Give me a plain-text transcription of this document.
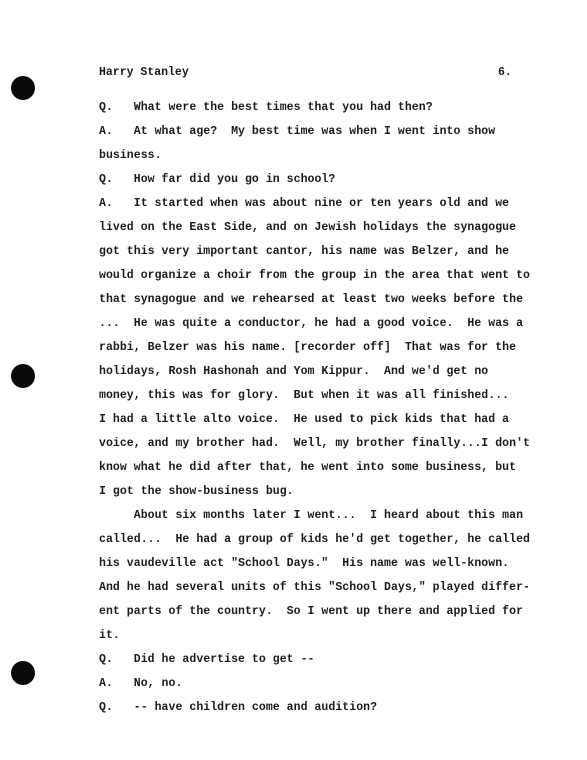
Harry Stanley	6.
Q.   What were the best times that you had then?
A.   At what age?  My best time was when I went into show
business.
Q.   How far did you go in school?
A.   It started when was about nine or ten years old and we
lived on the East Side, and on Jewish holidays the synagogue
got this very important cantor, his name was Belzer, and he
would organize a choir from the group in the area that went to
that synagogue and we rehearsed at least two weeks before the
...  He was quite a conductor, he had a good voice.  He was a
rabbi, Belzer was his name. [recorder off]  That was for the
holidays, Rosh Hashonah and Yom Kippur.  And we'd get no
money, this was for glory.  But when it was all finished...
I had a little alto voice.  He used to pick kids that had a
voice, and my brother had.  Well, my brother finally...I don't
know what he did after that, he went into some business, but
I got the show-business bug.
About six months later I went...  I heard about this man
called...  He had a group of kids he'd get together, he called
his vaudeville act "School Days."  His name was well-known.
And he had several units of this "School Days," played differ-
ent parts of the country.  So I went up there and applied for
it.
Q.   Did he advertise to get --
A.   No, no.
Q.   -- have children come and audition?
